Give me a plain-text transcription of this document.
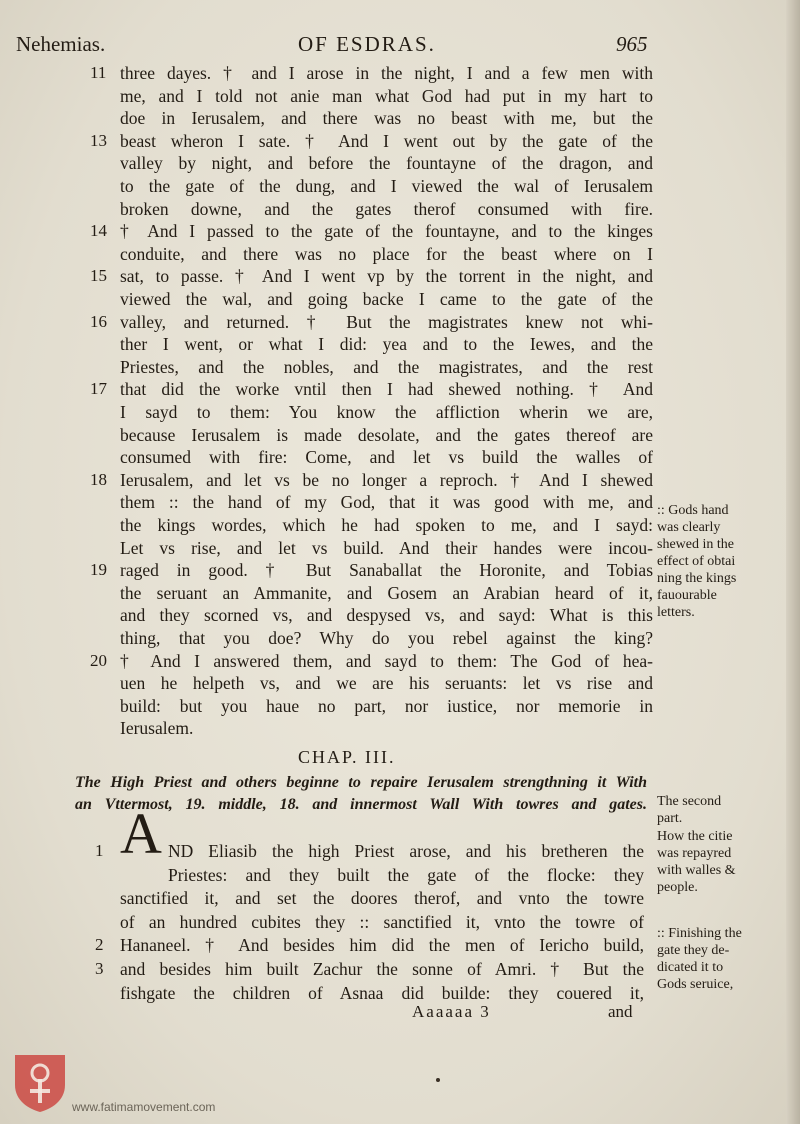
Nehemias.	OF ESDRAS.	965
three dayes. † and I arose in the night, I and a few men with
me, and I told not anie man what God had put in my hart to
doe in Ierusalem, and there was no beast with me, but the
beast wheron I sate. † And I went out by the gate of the
valley by night, and before the fountayne of the dragon, and
to the gate of the dung, and I viewed the wal of Ierusalem
broken downe, and the gates therof consumed with fire.
† And I passed to the gate of the fountayne, and to the kinges
conduite, and there was no place for the beast where on I
sat, to passe. † And I went vp by the torrent in the night, and
viewed the wal, and going backe I came to the gate of the
valley, and returned. † But the magistrates knew not whi-
ther I went, or what I did: yea and to the Iewes, and the
Priestes, and the nobles, and the magistrates, and the rest
that did the worke vntil then I had shewed nothing. † And
I sayd to them: You know the affliction wherin we are,
because Ierusalem is made desolate, and the gates thereof are
consumed with fire: Come, and let vs build the walles of
Ierusalem, and let vs be no longer a reproch. † And I shewed
them :: the hand of my God, that it was good with me, and
the kings wordes, which he had spoken to me, and I sayd:
Let vs rise, and let vs build. And their handes were incou-
raged in good. † But Sanaballat the Horonite, and Tobias
the seruant an Ammanite, and Gosem an Arabian heard of it,
and they scorned vs, and despysed vs, and sayd: What is this
thing, that you doe? Why do you rebel against the king?
† And I answered them, and sayd to them: The God of hea-
uen he helpeth vs, and we are his seruants: let vs rise and
build: but you haue no part, nor iustice, nor memorie in
Ierusalem.
11
13
14
15
16
17
18
19
20
CHAP. III.
The High Priest and others beginne to repaire Ierusalem strengthning it With
an Vttermost, 19. middle, 18. and innermost Wall With towres and gates.
A ND Eliasib the high Priest arose, and his bretheren the
Priestes: and they built the gate of the flocke: they
sanctified it, and set the doores therof, and vnto the towre
of an hundred cubites they :: sanctified it, vnto the towre of
Hananeel. † And besides him did the men of Iericho build,
and besides him built Zachur the sonne of Amri. † But the
fishgate the children of Asnaa did builde: they couered it,
1
2
3
:: Gods hand
was clearly
shewed in the
effect of obtai
ning the kings
fauourable
letters.
The second
part.
How the citie
was repayred
with walles &
people.
:: Finishing the
gate they de-
dicated it to
Gods seruice,
Aaaaaa 3	and
www.fatimamovement.com
